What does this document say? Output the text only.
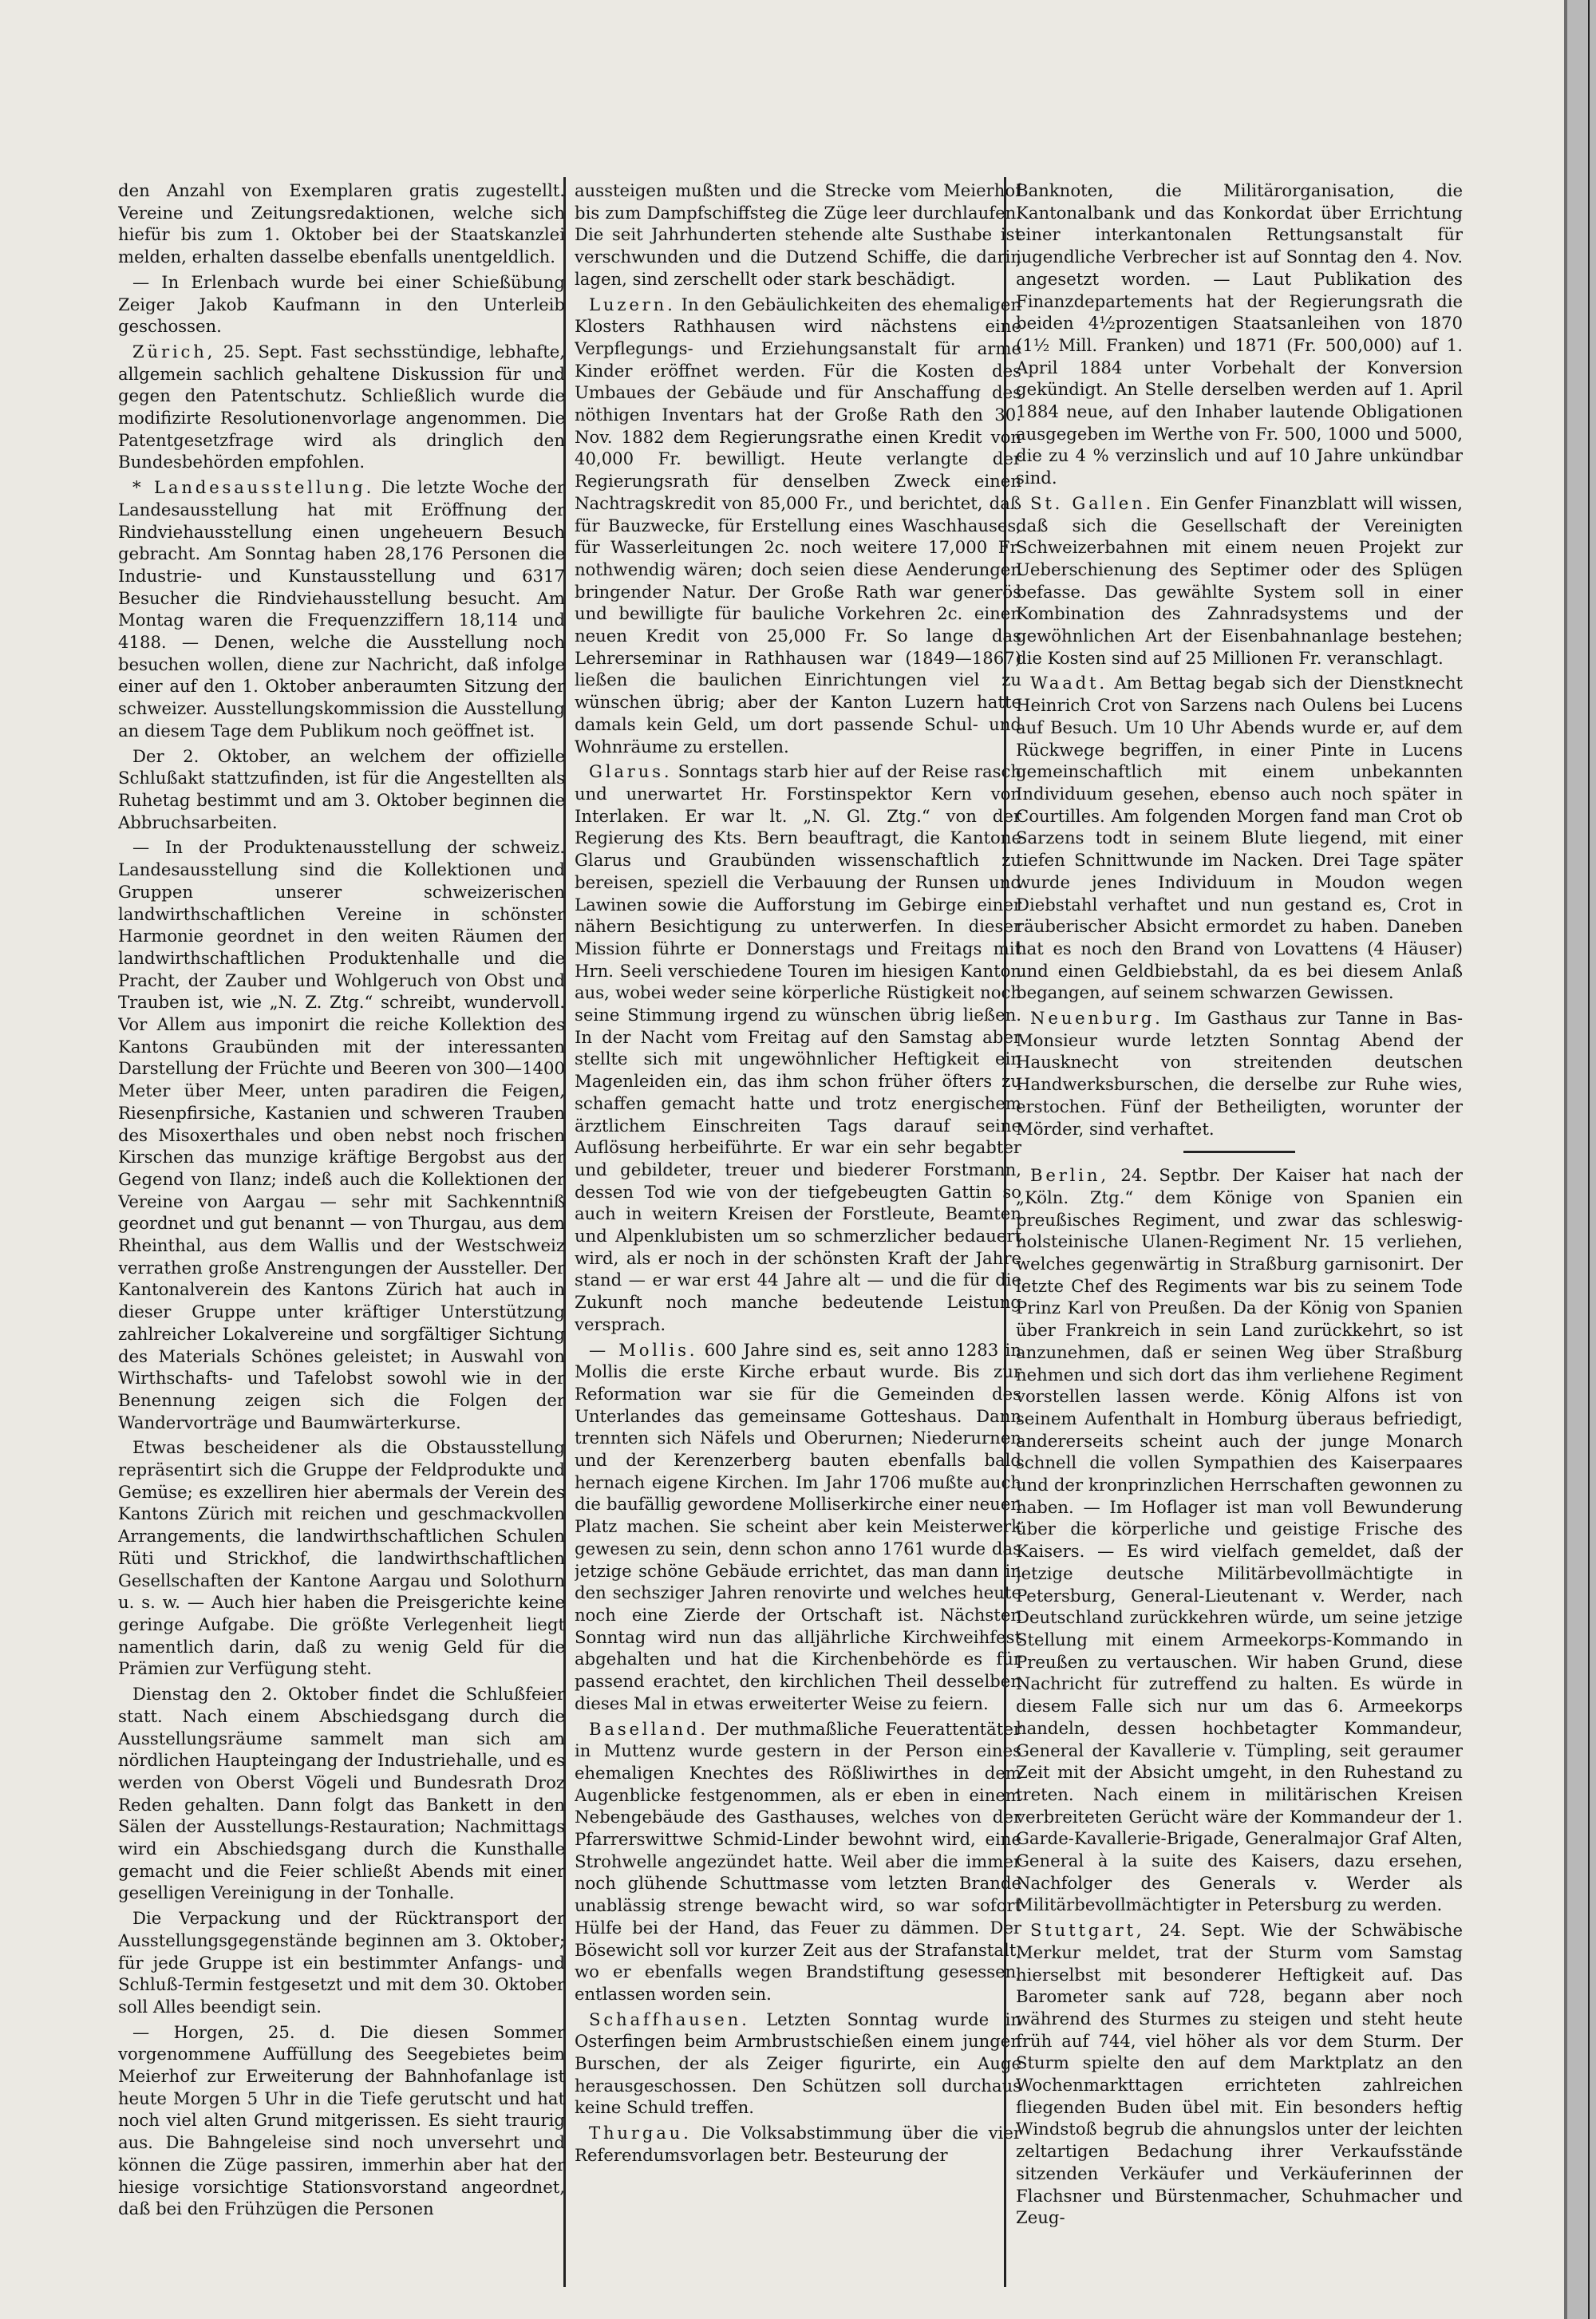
den Anzahl von Exemplaren gratis zugestellt. Vereine und Zeitungsredaktionen, welche sich hiefür bis zum 1. Oktober bei der Staatskanzlei melden, erhalten dasselbe ebenfalls unentgeldlich.

— In Erlenbach wurde bei einer Schießübung Zeiger Jakob Kaufmann in den Unterleib geschossen.

Zürich, 25. Sept. Fast sechsstündige, lebhafte, allgemein sachlich gehaltene Diskussion für und gegen den Patentschutz. Schließlich wurde die modifizirte Resolutionenvorlage angenommen. Die Patentgesetzfrage wird als dringlich den Bundesbehörden empfohlen.

* Landesausstellung. Die letzte Woche der Landesausstellung hat mit Eröffnung der Rindviehausstellung einen ungeheuern Besuch gebracht. Am Sonntag haben 28,176 Personen die Industrie- und Kunstausstellung und 6317 Besucher die Rindviehausstellung besucht. Am Montag waren die Frequenzziffern 18,114 und 4188. — Denen, welche die Ausstellung noch besuchen wollen, diene zur Nachricht, daß infolge einer auf den 1. Oktober anberaumten Sitzung der schweizer. Ausstellungskommission die Ausstellung an diesem Tage dem Publikum noch geöffnet ist.

Der 2. Oktober, an welchem der offizielle Schlußakt stattzufinden, ist für die Angestellten als Ruhetag bestimmt und am 3. Oktober beginnen die Abbruchsarbeiten.

— In der Produktenausstellung der schweiz. Landesausstellung sind die Kollektionen und Gruppen unserer schweizerischen landwirthschaftlichen Vereine in schönster Harmonie geordnet in den weiten Räumen der landwirthschaftlichen Produktenhalle und die Pracht, der Zauber und Wohlgeruch von Obst und Trauben ist, wie „N. Z. Ztg.“ schreibt, wundervoll. Vor Allem aus imponirt die reiche Kollektion des Kantons Graubünden mit der interessanten Darstellung der Früchte und Beeren von 300—1400 Meter über Meer, unten paradiren die Feigen, Riesenpfirsiche, Kastanien und schweren Trauben des Misoxerthales und oben nebst noch frischen Kirschen das munzige kräftige Bergobst aus der Gegend von Ilanz; indeß auch die Kollektionen der Vereine von Aargau — sehr mit Sachkenntniß geordnet und gut benannt — von Thurgau, aus dem Rheinthal, aus dem Wallis und der Westschweiz verrathen große Anstrengungen der Aussteller. Der Kantonalverein des Kantons Zürich hat auch in dieser Gruppe unter kräftiger Unterstützung zahlreicher Lokalvereine und sorgfältiger Sichtung des Materials Schönes geleistet; in Auswahl von Wirthschafts- und Tafelobst sowohl wie in der Benennung zeigen sich die Folgen der Wandervorträge und Baumwärterkurse.

Etwas bescheidener als die Obstausstellung repräsentirt sich die Gruppe der Feldprodukte und Gemüse; es exzelliren hier abermals der Verein des Kantons Zürich mit reichen und geschmackvollen Arrangements, die landwirthschaftlichen Schulen Rüti und Strickhof, die landwirthschaftlichen Gesellschaften der Kantone Aargau und Solothurn u. s. w. — Auch hier haben die Preisgerichte keine geringe Aufgabe. Die größte Verlegenheit liegt namentlich darin, daß zu wenig Geld für die Prämien zur Verfügung steht.

Dienstag den 2. Oktober findet die Schlußfeier statt. Nach einem Abschiedsgang durch die Ausstellungsräume sammelt man sich am nördlichen Haupteingang der Industriehalle, und es werden von Oberst Vögeli und Bundesrath Droz Reden gehalten. Dann folgt das Bankett in den Sälen der Ausstellungs-Restauration; Nachmittags wird ein Abschiedsgang durch die Kunsthalle gemacht und die Feier schließt Abends mit einer geselligen Vereinigung in der Tonhalle.

Die Verpackung und der Rücktransport der Ausstellungsgegenstände beginnen am 3. Oktober; für jede Gruppe ist ein bestimmter Anfangs- und Schluß-Termin festgesetzt und mit dem 30. Oktober soll Alles beendigt sein.

— Horgen, 25. d. Die diesen Sommer vorgenommene Auffüllung des Seegebietes beim Meierhof zur Erweiterung der Bahnhofanlage ist heute Morgen 5 Uhr in die Tiefe gerutscht und hat noch viel alten Grund mitgerissen. Es sieht traurig aus. Die Bahngeleise sind noch unversehrt und können die Züge passiren, immerhin aber hat der hiesige vorsichtige Stationsvorstand angeordnet, daß bei den Frühzügen die Personen

aussteigen mußten und die Strecke vom Meierhof bis zum Dampfschiffsteg die Züge leer durchlaufen. Die seit Jahrhunderten stehende alte Susthabe ist verschwunden und die Dutzend Schiffe, die darin lagen, sind zerschellt oder stark beschädigt.

Luzern. In den Gebäulichkeiten des ehemaligen Klosters Rathhausen wird nächstens eine Verpflegungs- und Erziehungsanstalt für arme Kinder eröffnet werden. Für die Kosten des Umbaues der Gebäude und für Anschaffung des nöthigen Inventars hat der Große Rath den 30. Nov. 1882 dem Regierungsrathe einen Kredit von 40,000 Fr. bewilligt. Heute verlangte der Regierungsrath für denselben Zweck einen Nachtragskredit von 85,000 Fr., und berichtet, daß für Bauzwecke, für Erstellung eines Waschhauses, für Wasserleitungen 2c. noch weitere 17,000 Fr. nothwendig wären; doch seien diese Aenderungen bringender Natur. Der Große Rath war generös und bewilligte für bauliche Vorkehren 2c. einen neuen Kredit von 25,000 Fr. So lange das Lehrerseminar in Rathhausen war (1849—1867) ließen die baulichen Einrichtungen viel zu wünschen übrig; aber der Kanton Luzern hatte damals kein Geld, um dort passende Schul- und Wohnräume zu erstellen.

Glarus. Sonntags starb hier auf der Reise rasch und unerwartet Hr. Forstinspektor Kern von Interlaken. Er war lt. „N. Gl. Ztg.“ von der Regierung des Kts. Bern beauftragt, die Kantone Glarus und Graubünden wissenschaftlich zu bereisen, speziell die Verbauung der Runsen und Lawinen sowie die Aufforstung im Gebirge einer nähern Besichtigung zu unterwerfen. In dieser Mission führte er Donnerstags und Freitags mit Hrn. Seeli verschiedene Touren im hiesigen Kanton aus, wobei weder seine körperliche Rüstigkeit noch seine Stimmung irgend zu wünschen übrig ließen. In der Nacht vom Freitag auf den Samstag aber stellte sich mit ungewöhnlicher Heftigkeit ein Magenleiden ein, das ihm schon früher öfters zu schaffen gemacht hatte und trotz energischem ärztlichem Einschreiten Tags darauf seine Auflösung herbeiführte. Er war ein sehr begabter und gebildeter, treuer und biederer Forstmann, dessen Tod wie von der tiefgebeugten Gattin so auch in weitern Kreisen der Forstleute, Beamten und Alpenklubisten um so schmerzlicher bedauert wird, als er noch in der schönsten Kraft der Jahre stand — er war erst 44 Jahre alt — und die für die Zukunft noch manche bedeutende Leistung versprach.

— Mollis. 600 Jahre sind es, seit anno 1283 in Mollis die erste Kirche erbaut wurde. Bis zur Reformation war sie für die Gemeinden des Unterlandes das gemeinsame Gotteshaus. Dann trennten sich Näfels und Oberurnen; Niederurnen und der Kerenzerberg bauten ebenfalls bald hernach eigene Kirchen. Im Jahr 1706 mußte auch die baufällig gewordene Molliserkirche einer neuen Platz machen. Sie scheint aber kein Meisterwerk gewesen zu sein, denn schon anno 1761 wurde das jetzige schöne Gebäude errichtet, das man dann in den sechsziger Jahren renovirte und welches heute noch eine Zierde der Ortschaft ist. Nächsten Sonntag wird nun das alljährliche Kirchweihfest abgehalten und hat die Kirchenbehörde es für passend erachtet, den kirchlichen Theil desselben dieses Mal in etwas erweiterter Weise zu feiern.

Baselland. Der muthmaßliche Feuerattentäter in Muttenz wurde gestern in der Person eines ehemaligen Knechtes des Rößliwirthes in dem Augenblicke festgenommen, als er eben in einem Nebengebäude des Gasthauses, welches von der Pfarrerswittwe Schmid-Linder bewohnt wird, eine Strohwelle angezündet hatte. Weil aber die immer noch glühende Schuttmasse vom letzten Brande unablässig strenge bewacht wird, so war sofort Hülfe bei der Hand, das Feuer zu dämmen. Der Bösewicht soll vor kurzer Zeit aus der Strafanstalt, wo er ebenfalls wegen Brandstiftung gesessen, entlassen worden sein.

Schaffhausen. Letzten Sonntag wurde in Osterfingen beim Armbrustschießen einem jungen Burschen, der als Zeiger figurirte, ein Auge herausgeschossen. Den Schützen soll durchaus keine Schuld treffen.

Thurgau. Die Volksabstimmung über die vier Referendumsvorlagen betr. Besteurung der

Banknoten, die Militärorganisation, die Kantonalbank und das Konkordat über Errichtung einer interkantonalen Rettungsanstalt für jugendliche Verbrecher ist auf Sonntag den 4. Nov. angesetzt worden. — Laut Publikation des Finanzdepartements hat der Regierungsrath die beiden 4½prozentigen Staatsanleihen von 1870 (1½ Mill. Franken) und 1871 (Fr. 500,000) auf 1. April 1884 unter Vorbehalt der Konversion gekündigt. An Stelle derselben werden auf 1. April 1884 neue, auf den Inhaber lautende Obligationen ausgegeben im Werthe von Fr. 500, 1000 und 5000, die zu 4 % verzinslich und auf 10 Jahre unkündbar sind.

St. Gallen. Ein Genfer Finanzblatt will wissen, daß sich die Gesellschaft der Vereinigten Schweizerbahnen mit einem neuen Projekt zur Ueberschienung des Septimer oder des Splügen befasse. Das gewählte System soll in einer Kombination des Zahnradsystems und der gewöhnlichen Art der Eisenbahnanlage bestehen; die Kosten sind auf 25 Millionen Fr. veranschlagt.

Waadt. Am Bettag begab sich der Dienstknecht Heinrich Crot von Sarzens nach Oulens bei Lucens auf Besuch. Um 10 Uhr Abends wurde er, auf dem Rückwege begriffen, in einer Pinte in Lucens gemeinschaftlich mit einem unbekannten Individuum gesehen, ebenso auch noch später in Courtilles. Am folgenden Morgen fand man Crot ob Sarzens todt in seinem Blute liegend, mit einer tiefen Schnittwunde im Nacken. Drei Tage später wurde jenes Individuum in Moudon wegen Diebstahl verhaftet und nun gestand es, Crot in räuberischer Absicht ermordet zu haben. Daneben hat es noch den Brand von Lovattens (4 Häuser) und einen Geldbiebstahl, da es bei diesem Anlaß begangen, auf seinem schwarzen Gewissen.

Neuenburg. Im Gasthaus zur Tanne in Bas-Monsieur wurde letzten Sonntag Abend der Hausknecht von streitenden deutschen Handwerksburschen, die derselbe zur Ruhe wies, erstochen. Fünf der Betheiligten, worunter der Mörder, sind verhaftet.

Berlin, 24. Septbr. Der Kaiser hat nach der „Köln. Ztg.“ dem Könige von Spanien ein preußisches Regiment, und zwar das schleswig-holsteinische Ulanen-Regiment Nr. 15 verliehen, welches gegenwärtig in Straßburg garnisonirt. Der letzte Chef des Regiments war bis zu seinem Tode Prinz Karl von Preußen. Da der König von Spanien über Frankreich in sein Land zurückkehrt, so ist anzunehmen, daß er seinen Weg über Straßburg nehmen und sich dort das ihm verliehene Regiment vorstellen lassen werde. König Alfons ist von seinem Aufenthalt in Homburg überaus befriedigt, andererseits scheint auch der junge Monarch schnell die vollen Sympathien des Kaiserpaares und der kronprinzlichen Herrschaften gewonnen zu haben. — Im Hoflager ist man voll Bewunderung über die körperliche und geistige Frische des Kaisers. — Es wird vielfach gemeldet, daß der jetzige deutsche Militärbevollmächtigte in Petersburg, General-Lieutenant v. Werder, nach Deutschland zurückkehren würde, um seine jetzige Stellung mit einem Armeekorps-Kommando in Preußen zu vertauschen. Wir haben Grund, diese Nachricht für zutreffend zu halten. Es würde in diesem Falle sich nur um das 6. Armeekorps handeln, dessen hochbetagter Kommandeur, General der Kavallerie v. Tümpling, seit geraumer Zeit mit der Absicht umgeht, in den Ruhestand zu treten. Nach einem in militärischen Kreisen verbreiteten Gerücht wäre der Kommandeur der 1. Garde-Kavallerie-Brigade, Generalmajor Graf Alten, General à la suite des Kaisers, dazu ersehen, Nachfolger des Generals v. Werder als Militärbevollmächtigter in Petersburg zu werden.

Stuttgart, 24. Sept. Wie der Schwäbische Merkur meldet, trat der Sturm vom Samstag hierselbst mit besonderer Heftigkeit auf. Das Barometer sank auf 728, begann aber noch während des Sturmes zu steigen und steht heute früh auf 744, viel höher als vor dem Sturm. Der Sturm spielte den auf dem Marktplatz an den Wochenmarkttagen errichteten zahlreichen fliegenden Buden übel mit. Ein besonders heftig Windstoß begrub die ahnungslos unter der leichten zeltartigen Bedachung ihrer Verkaufsstände sitzenden Verkäufer und Verkäuferinnen der Flachsner und Bürstenmacher, Schuhmacher und Zeug-
